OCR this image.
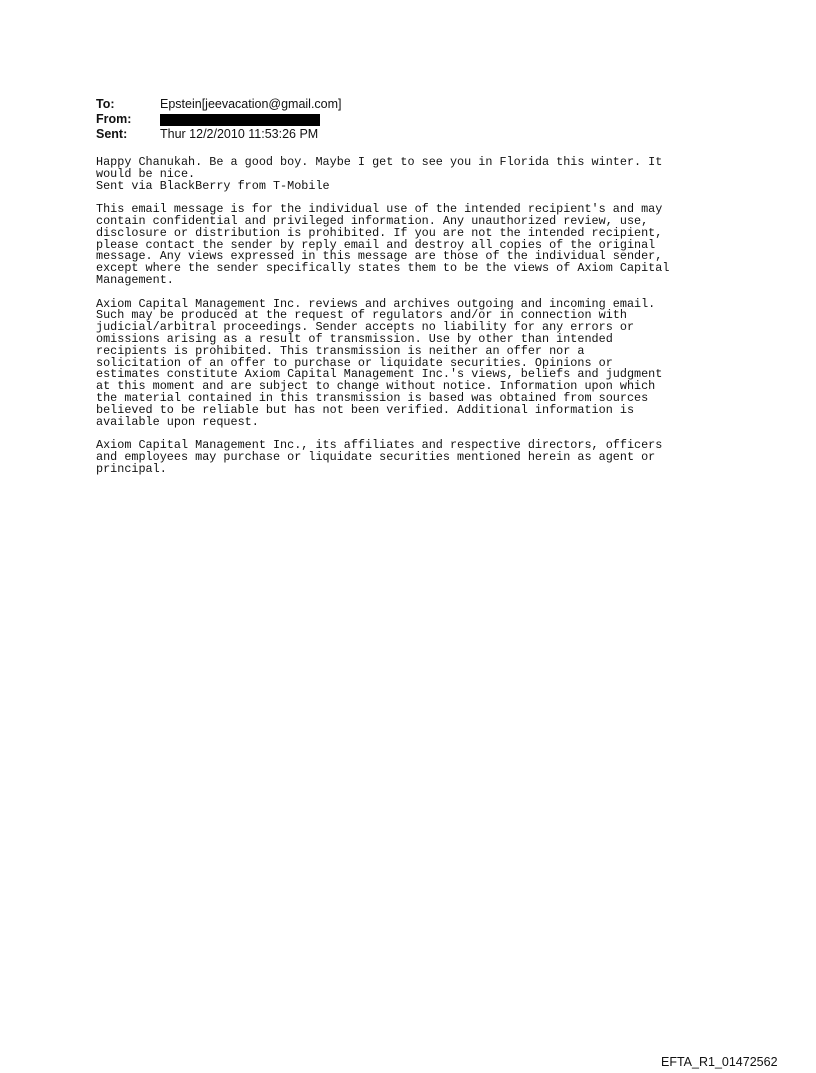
To:	Epstein[jeevacation@gmail.com]
From:
Sent:	Thur 12/2/2010 11:53:26 PM
Happy Chanukah. Be a good boy. Maybe I get to see you in Florida this winter. It
would be nice.
Sent via BlackBerry from T-Mobile
This email message is for the individual use of the intended recipient's and may
contain confidential and privileged information. Any unauthorized review, use,
disclosure or distribution is prohibited. If you are not the intended recipient,
please contact the sender by reply email and destroy all copies of the original
message. Any views expressed in this message are those of the individual sender,
except where the sender specifically states them to be the views of Axiom Capital
Management.
Axiom Capital Management Inc. reviews and archives outgoing and incoming email.
Such may be produced at the request of regulators and/or in connection with
judicial/arbitral proceedings. Sender accepts no liability for any errors or
omissions arising as a result of transmission. Use by other than intended
recipients is prohibited. This transmission is neither an offer nor a
solicitation of an offer to purchase or liquidate securities. Opinions or
estimates constitute Axiom Capital Management Inc.'s views, beliefs and judgment
at this moment and are subject to change without notice. Information upon which
the material contained in this transmission is based was obtained from sources
believed to be reliable but has not been verified. Additional information is
available upon request.
Axiom Capital Management Inc., its affiliates and respective directors, officers
and employees may purchase or liquidate securities mentioned herein as agent or
principal.
EFTA_R1_01472562
